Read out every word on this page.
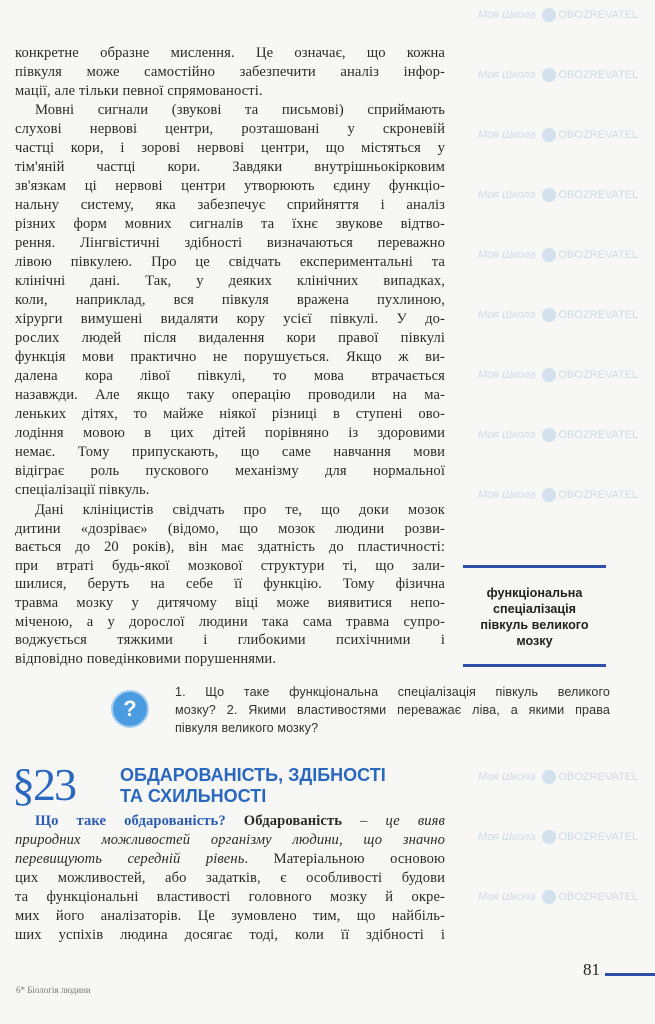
Моя Школа OBOZREVATEL
Моя Школа OBOZREVATEL
Моя Школа OBOZREVATEL
Моя Школа OBOZREVATEL
Моя Школа OBOZREVATEL
Моя Школа OBOZREVATEL
Моя Школа OBOZREVATEL
Моя Школа OBOZREVATEL
Моя Школа OBOZREVATEL
Моя Школа OBOZREVATEL
Моя Школа OBOZREVATEL
Моя Школа OBOZREVATEL
конкретне образне мислення. Це означає, що кожна
півкуля може самостійно забезпечити аналіз інфор-
мації, але тільки певної спрямованості.
Мовні сигнали (звукові та письмові) сприймають
слухові нервові центри, розташовані у скроневій
частці кори, і зорові нервові центри, що містяться у
тім'яній частці кори. Завдяки внутрішньокірковим
зв'язкам ці нервові центри утворюють єдину функціо-
нальну систему, яка забезпечує сприйняття і аналіз
різних форм мовних сигналів та їхнє звукове відтво-
рення. Лінгвістичні здібності визначаються переважно
лівою півкулею. Про це свідчать експериментальні та
клінічні дані. Так, у деяких клінічних випадках,
коли, наприклад, вся півкуля вражена пухлиною,
хірурги вимушені видаляти кору усієї півкулі. У до-
рослих людей після видалення кори правої півкулі
функція мови практично не порушується. Якщо ж ви-
далена кора лівої півкулі, то мова втрачається
назавжди. Але якщо таку операцію проводили на ма-
леньких дітях, то майже ніякої різниці в ступені ово-
лодіння мовою в цих дітей порівняно із здоровими
немає. Тому припускають, що саме навчання мови
відіграє роль пускового механізму для нормальної
спеціалізації півкуль.
Дані клініцистів свідчать про те, що доки мозок
дитини «дозріває» (відомо, що мозок людини розви-
вається до 20 років), він має здатність до пластичності:
при втраті будь-якої мозкової структури ті, що зали-
шилися, беруть на себе її функцію. Тому фізична
травма мозку у дитячому віці може виявитися непо-
міченою, а у дорослої людини така сама травма супро-
воджується тяжкими і глибокими психічними і
відповідно поведінковими порушеннями.
функціональна
спеціалізація
півкуль великого
мозку
?
1. Що таке функціональна спеціалізація півкуль великого
мозку? 2. Якими властивостями переважає ліва, а якими права
півкуля великого мозку?
§23	ОБДАРОВАНІСТЬ, ЗДІБНОСТІ
ТА СХИЛЬНОСТІ
Що таке обдарованість? Обдарованість – це вияв
природних можливостей організму людини, що значно
перевищують середній рівень. Матеріальною основою
цих можливостей, або задатків, є особливості будови
та функціональні властивості головного мозку й окре-
мих його аналізаторів. Це зумовлено тим, що найбіль-
ших успіхів людина досягає тоді, коли її здібності і
81
6* Біологія людини
